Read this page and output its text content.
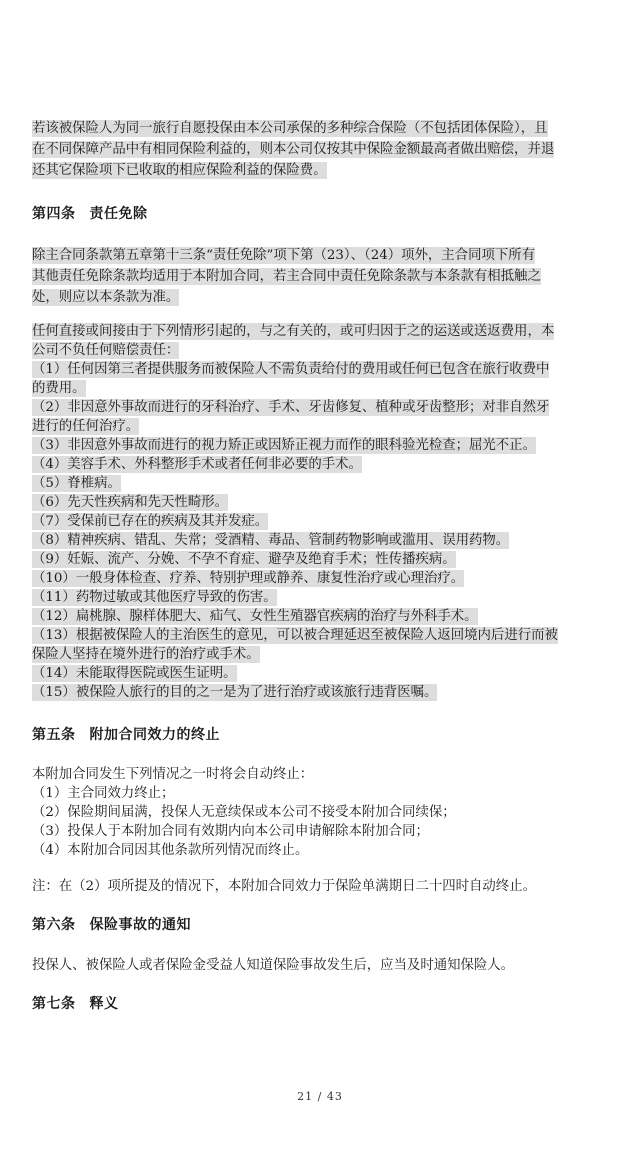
若该被保险人为同一旅行自愿投保由本公司承保的多种综合保险（不包括团体保险），且
在不同保障产品中有相同保险利益的，则本公司仅按其中保险金额最高者做出赔偿，并退
还其它保险项下已收取的相应保险利益的保险费。
第四条 责任免除
除主合同条款第五章第十三条“责任免除”项下第（23）、（24）项外，主合同项下所有
其他责任免除条款均适用于本附加合同，若主合同中责任免除条款与本条款有相抵触之
处，则应以本条款为准。
任何直接或间接由于下列情形引起的，与之有关的，或可归因于之的运送或送返费用，本
公司不负任何赔偿责任：
（1）任何因第三者提供服务而被保险人不需负责给付的费用或任何已包含在旅行收费中
的费用。
（2）非因意外事故而进行的牙科治疗、手术、牙齿修复、植种或牙齿整形；对非自然牙
进行的任何治疗。
（3）非因意外事故而进行的视力矫正或因矫正视力而作的眼科验光检查；屈光不正。
（4）美容手术、外科整形手术或者任何非必要的手术。
（5）脊椎病。
（6）先天性疾病和先天性畸形。
（7）受保前已存在的疾病及其并发症。
（8）精神疾病、错乱、失常；受酒精、毒品、管制药物影响或滥用、误用药物。
（9）妊娠、流产、分娩、不孕不育症、避孕及绝育手术；性传播疾病。
（10）一般身体检查、疗养、特别护理或静养、康复性治疗或心理治疗。
（11）药物过敏或其他医疗导致的伤害。
（12）扁桃腺、腺样体肥大、疝气、女性生殖器官疾病的治疗与外科手术。
（13）根据被保险人的主治医生的意见，可以被合理延迟至被保险人返回境内后进行而被
保险人坚持在境外进行的治疗或手术。
（14）未能取得医院或医生证明。
（15）被保险人旅行的目的之一是为了进行治疗或该旅行违背医嘱。
第五条 附加合同效力的终止
本附加合同发生下列情况之一时将会自动终止：
（1）主合同效力终止；
（2）保险期间届满，投保人无意续保或本公司不接受本附加合同续保；
（3）投保人于本附加合同有效期内向本公司申请解除本附加合同；
（4）本附加合同因其他条款所列情况而终止。
注：在（2）项所提及的情况下，本附加合同效力于保险单满期日二十四时自动终止。
第六条 保险事故的通知
投保人、被保险人或者保险金受益人知道保险事故发生后，应当及时通知保险人。
第七条 释义
21 / 43
